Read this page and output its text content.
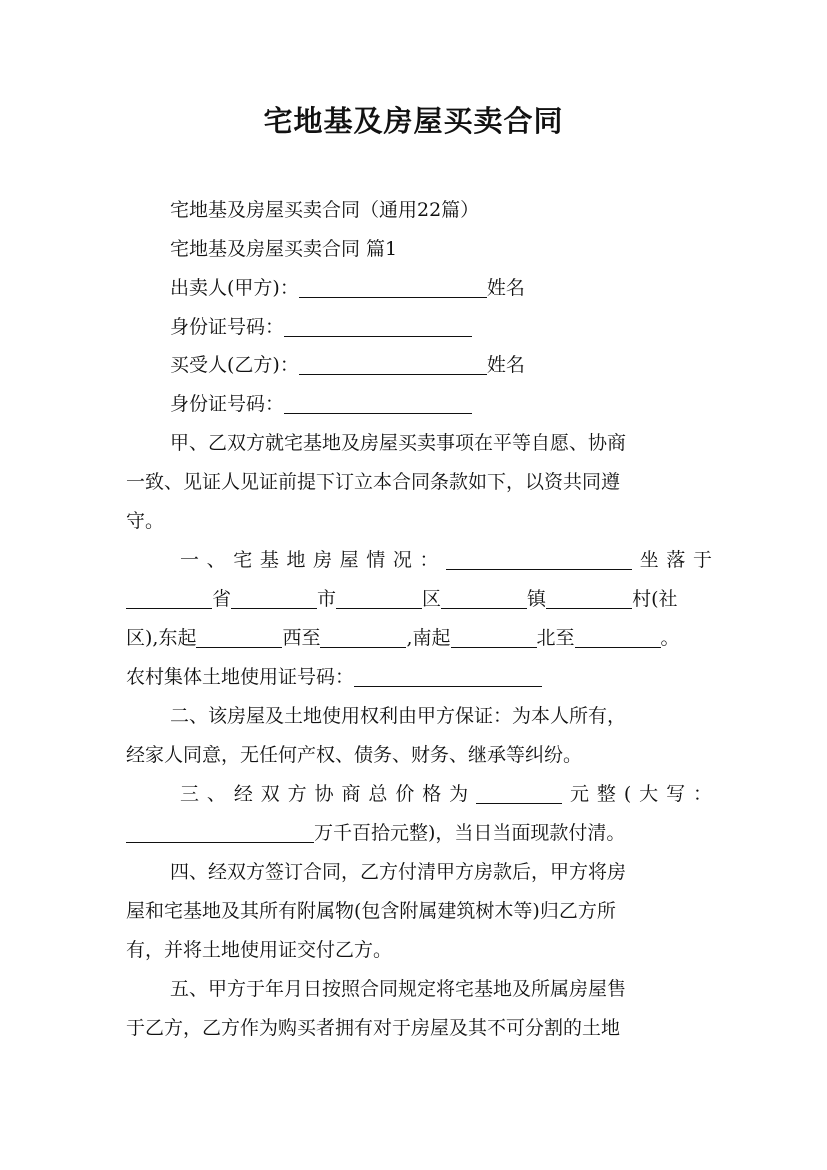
宅地基及房屋买卖合同
宅地基及房屋买卖合同（通用22篇）
宅地基及房屋买卖合同 篇1
出卖人(甲方)：	姓名
身份证号码：
买受人(乙方)：	姓名
身份证号码：
甲、乙双方就宅基地及房屋买卖事项在平等自愿、协商
一致、见证人见证前提下订立本合同条款如下，以资共同遵
守。
一、宅基地房屋情况：	坐落于
省	市	区	镇	村(社
区),东起	西至	,南起	北至	。
农村集体土地使用证号码：
二、该房屋及土地使用权利由甲方保证：为本人所有，
经家人同意，无任何产权、债务、财务、继承等纠纷。
三、经双方协商总价格为	元整(大写：
万千百拾元整)，当日当面现款付清。
四、经双方签订合同，乙方付清甲方房款后，甲方将房
屋和宅基地及其所有附属物(包含附属建筑树木等)归乙方所
有，并将土地使用证交付乙方。
五、甲方于年月日按照合同规定将宅基地及所属房屋售
于乙方，乙方作为购买者拥有对于房屋及其不可分割的土地
